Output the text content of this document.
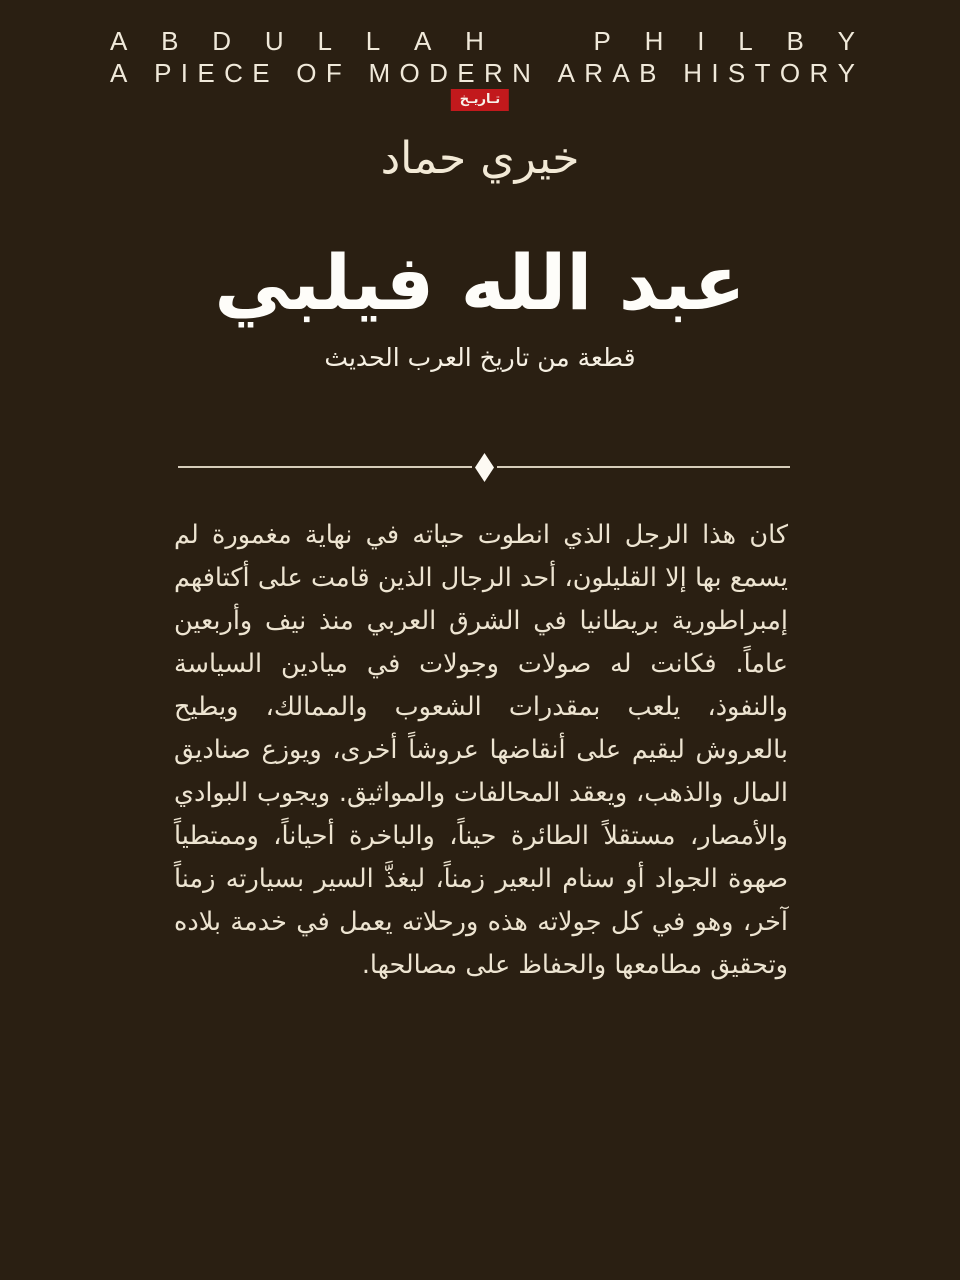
A B D U L L A H	P H I L B Y
A P I E C E O F M O D E R N A R A B H I S T O R Y
تـاريـخ
خيري حماد
عبد الله فيلبي
قطعة من تاريخ العرب الحديث

كان هذا الرجل الذي انطوت حياته في نهاية مغمورة لم يسمع بها إلا القليلون، أحد الرجال الذين قامت على أكتافهم إمبراطورية بريطانيا في الشرق العربي منذ نيف وأربعين عاماً. فكانت له صولات وجولات في ميادين السياسة والنفوذ، يلعب بمقدرات الشعوب والممالك، ويطيح بالعروش ليقيم على أنقاضها عروشاً أخرى، ويوزع صناديق المال والذهب، ويعقد المحالفات والمواثيق. ويجوب البوادي والأمصار، مستقلاً الطائرة حيناً، والباخرة أحياناً، وممتطياً صهوة الجواد أو سنام البعير زمناً، ليغذَّ السير بسيارته زمناً آخر، وهو في كل جولاته هذه ورحلاته يعمل في خدمة بلاده وتحقيق مطامعها والحفاظ على مصالحها.
